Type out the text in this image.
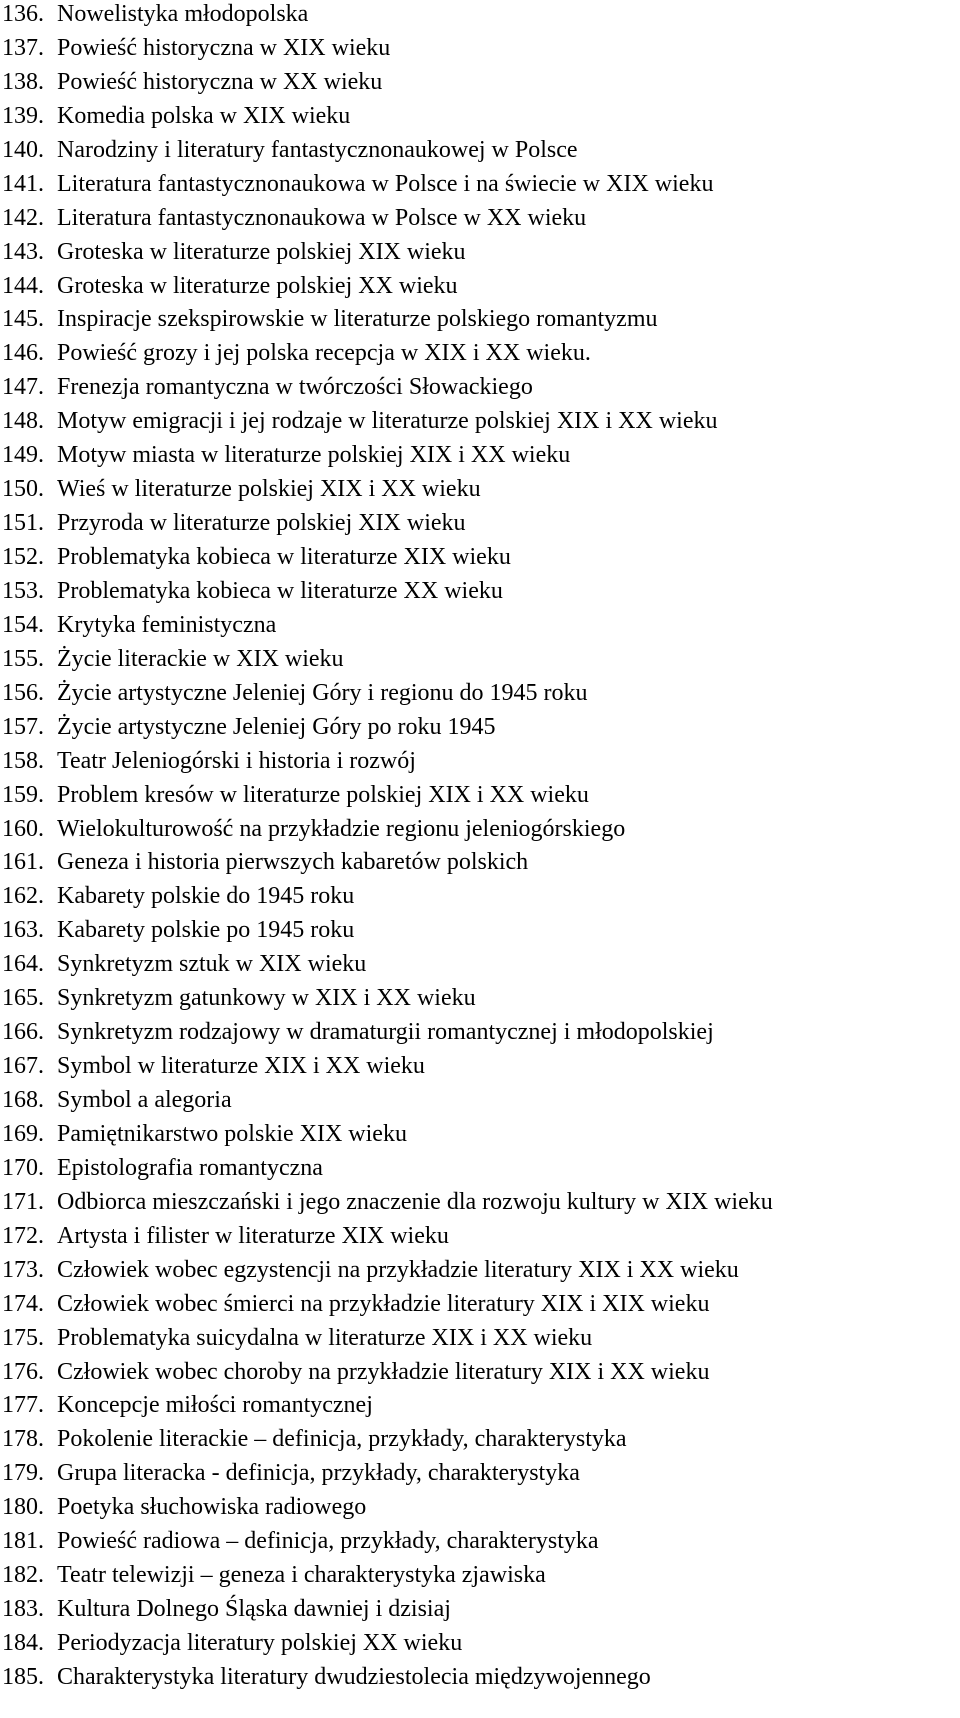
136. Nowelistyka młodopolska
137. Powieść historyczna w XIX wieku
138. Powieść historyczna w XX wieku
139. Komedia polska w XIX wieku
140. Narodziny i literatury fantastycznonaukowej w Polsce
141. Literatura fantastycznonaukowa w Polsce i na świecie w XIX wieku
142. Literatura fantastycznonaukowa w Polsce w XX wieku
143. Groteska w literaturze polskiej XIX wieku
144. Groteska w literaturze polskiej XX wieku
145. Inspiracje szekspirowskie w literaturze polskiego romantyzmu
146. Powieść grozy i jej polska recepcja w XIX i XX wieku.
147. Frenezja romantyczna w twórczości Słowackiego
148. Motyw emigracji i jej rodzaje w literaturze polskiej XIX i XX wieku
149. Motyw miasta w literaturze polskiej XIX i XX wieku
150. Wieś w literaturze polskiej XIX i XX wieku
151. Przyroda w literaturze polskiej XIX wieku
152. Problematyka kobieca w literaturze XIX wieku
153. Problematyka kobieca w literaturze XX wieku
154. Krytyka feministyczna
155. Życie literackie w XIX wieku
156. Życie artystyczne Jeleniej Góry i regionu do 1945 roku
157. Życie artystyczne Jeleniej Góry po roku 1945
158. Teatr Jeleniogórski i historia i rozwój
159. Problem kresów w literaturze polskiej XIX i XX wieku
160. Wielokulturowość na przykładzie regionu jeleniogórskiego
161. Geneza i historia pierwszych kabaretów polskich
162. Kabarety polskie do 1945 roku
163. Kabarety polskie po 1945 roku
164. Synkretyzm sztuk w XIX wieku
165. Synkretyzm gatunkowy w XIX i XX wieku
166. Synkretyzm rodzajowy w dramaturgii romantycznej i młodopolskiej
167. Symbol w literaturze XIX i XX wieku
168. Symbol a alegoria
169. Pamiętnikarstwo polskie XIX wieku
170. Epistolografia romantyczna
171. Odbiorca mieszczański i jego znaczenie dla rozwoju kultury w XIX wieku
172. Artysta i filister w literaturze XIX wieku
173. Człowiek wobec egzystencji na przykładzie literatury XIX i XX wieku
174. Człowiek wobec śmierci na przykładzie literatury XIX i XIX wieku
175. Problematyka suicydalna w literaturze XIX i XX wieku
176. Człowiek wobec choroby na przykładzie literatury XIX i XX wieku
177. Koncepcje miłości romantycznej
178. Pokolenie literackie – definicja, przykłady, charakterystyka
179. Grupa literacka - definicja, przykłady, charakterystyka
180. Poetyka słuchowiska radiowego
181. Powieść radiowa – definicja, przykłady, charakterystyka
182. Teatr telewizji – geneza i charakterystyka zjawiska
183. Kultura Dolnego Śląska dawniej i dzisiaj
184. Periodyzacja literatury polskiej XX wieku
185. Charakterystyka literatury dwudziestolecia międzywojennego
